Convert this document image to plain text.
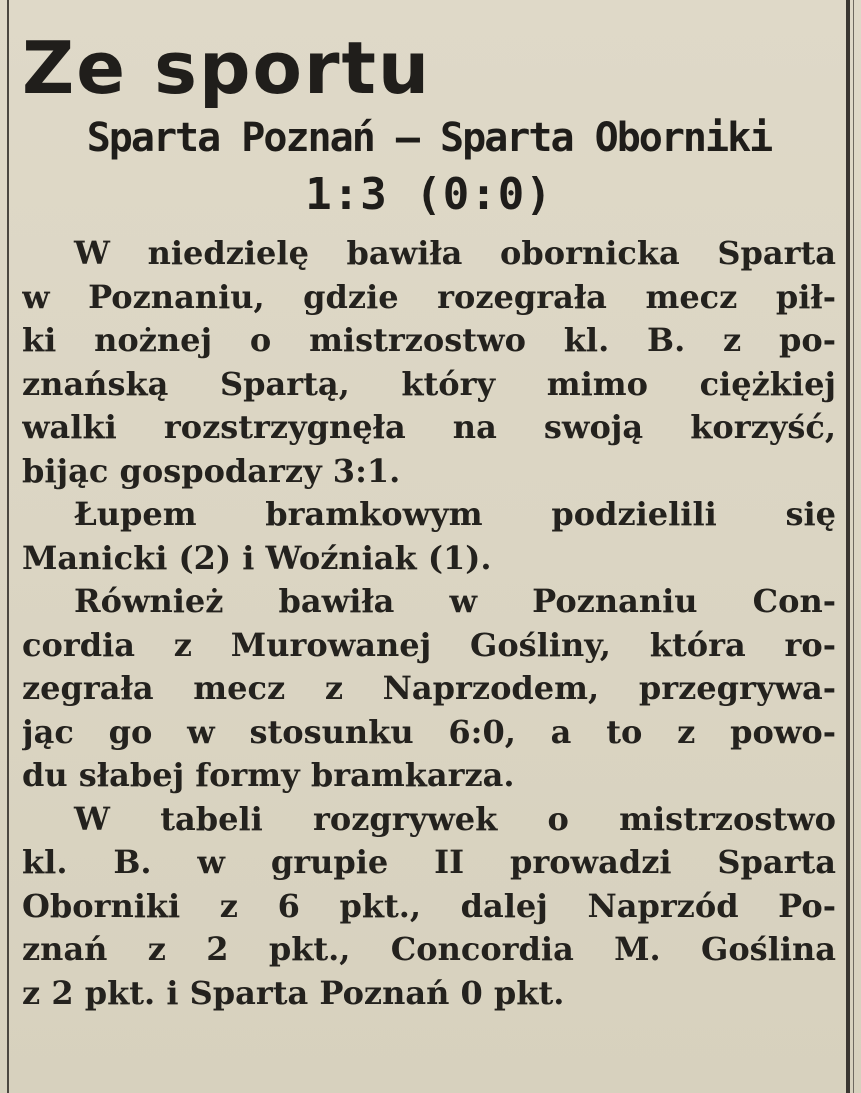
Ze sportu
Sparta Poznań — Sparta Oborniki
1:3 (0:0)
W niedzielę bawiła obornicka Sparta
w Poznaniu, gdzie rozegrała mecz pił-
ki nożnej o mistrzostwo kl. B. z po-
znańską Spartą, który mimo ciężkiej
walki rozstrzygnęła na swoją korzyść,
bijąc gospodarzy 3:1.
Łupem bramkowym podzielili się
Manicki (2) i Woźniak (1).
Również bawiła w Poznaniu Con-
cordia z Murowanej Gośliny, która ro-
zegrała mecz z Naprzodem, przegrywa-
jąc go w stosunku 6:0, a to z powo-
du słabej formy bramkarza.
W tabeli rozgrywek o mistrzostwo
kl. B. w grupie II prowadzi Sparta
Oborniki z 6 pkt., dalej Naprzód Po-
znań z 2 pkt., Concordia M. Goślina
z 2 pkt. i Sparta Poznań 0 pkt.
